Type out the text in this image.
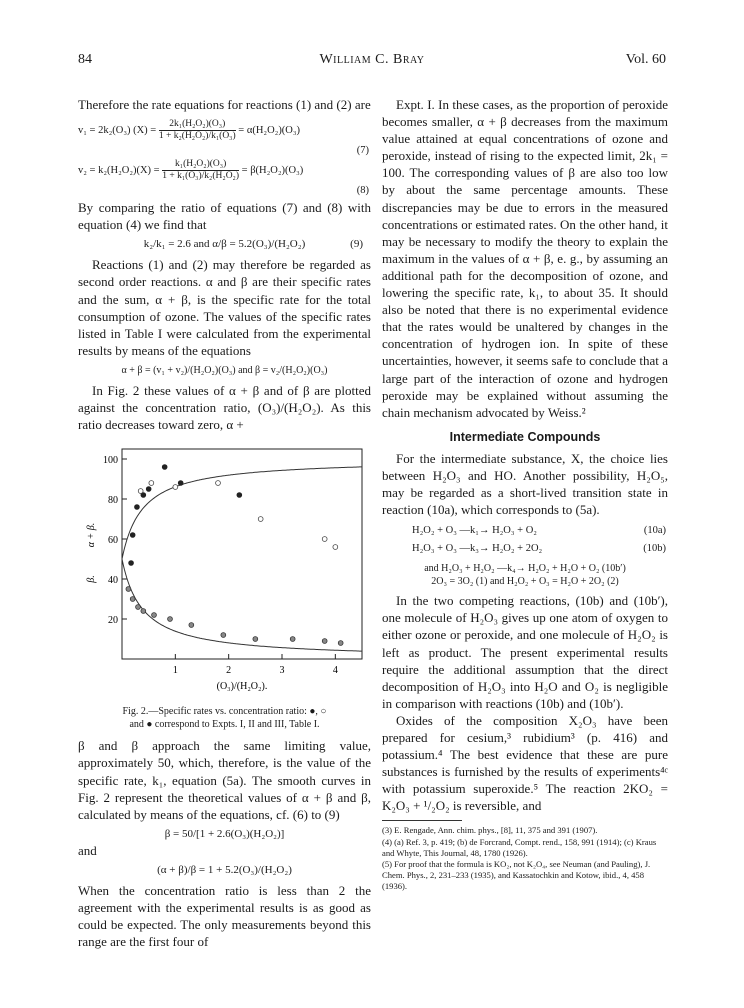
84	William C. Bray	Vol. 60

Therefore the rate equations for reactions (1) and (2) are

v₁ = 2k₂(O₃) $(X) = \frac{\text{2k₁(H₂O₂)(O₃)}}{\text{1 + k₂(H₂O₂)/k₁(O₃)}} = \alpha(H_2O_2)(O_3)$
(7)
$v_2 = k_2(H_2O_2)(X) = \frac{\text{k₁(H₂O₂)(O₃)}}{\text{1 + k₁(O₃)/k₂(H₂O₂)}} = \beta(H_2O_2)(O_3)$
(8)

By comparing the ratio of equations (7) and (8) with equation (4) we find that

k₂/k₁ = 2.6 and α/β = 5.2(O₃)/(H₂O₂)	(9)

Reactions (1) and (2) may therefore be regarded as second order reactions. α and β are their specific rates and the sum, α + β, is the specific rate for the total consumption of ozone. The values of the specific rates listed in Table I were calculated from the experimental results by means of the equations

α + β = (v₁ + v₂)/(H₂O₂)(O₃) and β = v₂/(H₂O₂)(O₃)

In Fig. 2 these values of α + β and of β are plotted against the concentration ratio, (O₃)/(H₂O₂). As this ratio decreases toward zero, α +

20
40
60
80
100
1	2	3	4
(O₃)/(H₂O₂).
α + β.
β.
Fig. 2.—Specific rates vs. concentration ratio: ●, ○
and ● correspond to Expts. I, II and III, Table I.

β and β approach the same limiting value, approximately 50, which, therefore, is the value of the specific rate, k₁, equation (5a). The smooth curves in Fig. 2 represent the theoretical values of α + β and β, calculated by means of the equations, cf. (6) to (9)

β = 50/[1 + 2.6(O₃)(H₂O₂)]

and

(α + β)/β = 1 + 5.2(O₃)/(H₂O₂)

When the concentration ratio is less than 2 the agreement with the experimental results is as good as could be expected. The only measurements beyond this range are the first four of

Expt. I. In these cases, as the proportion of peroxide becomes smaller, α + β decreases from the maximum value attained at equal concentrations of ozone and peroxide, instead of rising to the expected limit, 2k₁ = 100. The corresponding values of β are also too low by about the same percentage amounts. These discrepancies may be due to errors in the measured concentrations or estimated rates. On the other hand, it may be necessary to modify the theory to explain the maximum in the values of α + β, e. g., by assuming an additional path for the decomposition of ozone, and lowering the specific rate, k₁, to about 35. It should also be noted that there is no experimental evidence that the rates would be unaltered by changes in the concentration of hydrogen ion. In spite of these uncertainties, however, it seems safe to conclude that a large part of the interaction of ozone and hydrogen peroxide may be explained without assuming the chain mechanism advocated by Weiss.²

Intermediate Compounds

For the intermediate substance, X, the choice lies between H₂O₃ and HO. Another possibility, H₂O₅, may be regarded as a short-lived transition state in reaction (10a), which corresponds to (5a).

H₂O₂ + O₃ —k₁→ H₂O₃ + O₂	(10a)
H₂O₃ + O₃ —k₃→ H₂O₂ + 2O₂	(10b)
and H₂O₃ + H₂O₂ —k₄→ H₂O₂ + H₂O + O₂ (10b′)
2O₃ = 3O₂ (1) and H₂O₂ + O₃ = H₂O + 2O₂ (2)

In the two competing reactions, (10b) and (10b′), one molecule of H₂O₃ gives up one atom of oxygen to either ozone or peroxide, and one molecule of H₂O₂ is left as product. The present experimental results require the additional assumption that the direct decomposition of H₂O₃ into H₂O and O₂ is negligible in comparison with reactions (10b) and (10b′).

Oxides of the composition X₂O₃ have been prepared for cesium,³ rubidium³ (p. 416) and potassium.⁴ The best evidence that these are pure substances is furnished by the results of experiments⁴ᶜ with potassium superoxide.⁵ The reaction 2KO₂ = K₂O₃ + ¹/₂O₂ is reversible, and

(3) E. Rengade, Ann. chim. phys., [8], 11, 375 and 391 (1907).

(4) (a) Ref. 3, p. 419; (b) de Forcrand, Compt. rend., 158, 991 (1914); (c) Kraus and Whyte, This Journal, 48, 1780 (1926).

(5) For proof that the formula is KO₂, not K₂O₄, see Neuman (and Pauling), J. Chem. Phys., 2, 231–233 (1935), and Kassatochkin and Kotow, ibid., 4, 458 (1936).
